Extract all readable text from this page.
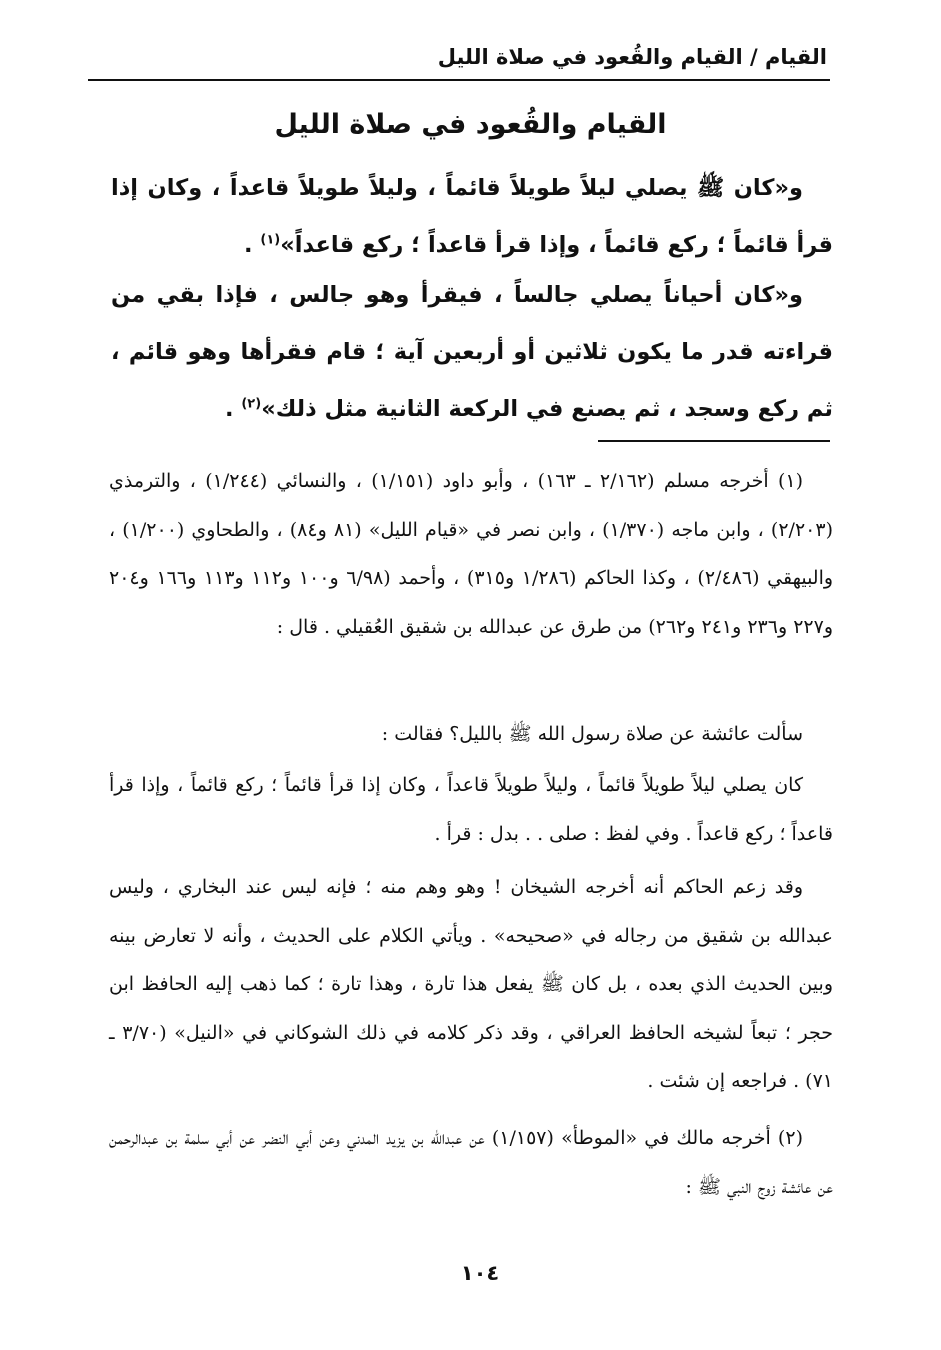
القيام / القيام والقُعود في صلاة الليل
القيام والقُعود في صلاة الليل
و«كان ﷺ يصلي ليلاً طويلاً قائماً ، وليلاً طويلاً قاعداً ، وكان إذا قرأ قائماً ؛ ركع قائماً ، وإذا قرأ قاعداً ؛ ركع قاعداً»$^{(١)}$ .
و«كان أحياناً يصلي جالساً ، فيقرأ وهو جالس ، فإذا بقي من قراءته قدر ما يكون ثلاثين أو أربعين آية ؛ قام فقرأها وهو قائم ، ثم ركع وسجد ، ثم يصنع في الركعة الثانية مثل ذلك»$^{(٢)}$ .
(١) أخرجه مسلم (٢/١٦٢ ـ ١٦٣) ، وأبو داود (١/١٥١) ، والنسائي (١/٢٤٤) ، والترمذي (٢/٢٠٣) ، وابن ماجه (١/٣٧٠) ، وابن نصر في «قيام الليل» (٨١ و٨٤) ، والطحاوي (١/٢٠٠) ، والبيهقي (٢/٤٨٦) ، وكذا الحاكم (١/٢٨٦ و٣١٥) ، وأحمد (٦/٩٨ و١٠٠ و١١٢ و١١٣ و١٦٦ و٢٠٤ و٢٢٧ و٢٣٦ و٢٤١ و٢٦٢) من طرق عن عبدالله بن شقيق العُقيلي . قال :
سألت عائشة عن صلاة رسول الله ﷺ بالليل؟ فقالت :
كان يصلي ليلاً طويلاً قائماً ، وليلاً طويلاً قاعداً ، وكان إذا قرأ قائماً ؛ ركع قائماً ، وإذا قرأ قاعداً ؛ ركع قاعداً . وفي لفظ : صلى . . بدل : قرأ .
وقد زعم الحاكم أنه أخرجه الشيخان ! وهو وهم منه ؛ فإنه ليس عند البخاري ، وليس عبدالله بن شقيق من رجاله في «صحيحه» . ويأتي الكلام على الحديث ، وأنه لا تعارض بينه وبين الحديث الذي بعده ، بل كان ﷺ يفعل هذا تارة ، وهذا تارة ؛ كما ذهب إليه الحافظ ابن حجر ؛ تبعاً لشيخه الحافظ العراقي ، وقد ذكر كلامه في ذلك الشوكاني في «النيل» (٣/٧٠ ـ ٧١) . فراجعه إن شئت .
(٢) أخرجه مالك في «الموطأ» (١/١٥٧) عن عبدالله بن يزيد المدني وعن أبي النضر عن أبي سلمة بن عبدالرحمن عن عائشة زوج النبي ﷺ :
١٠٤
